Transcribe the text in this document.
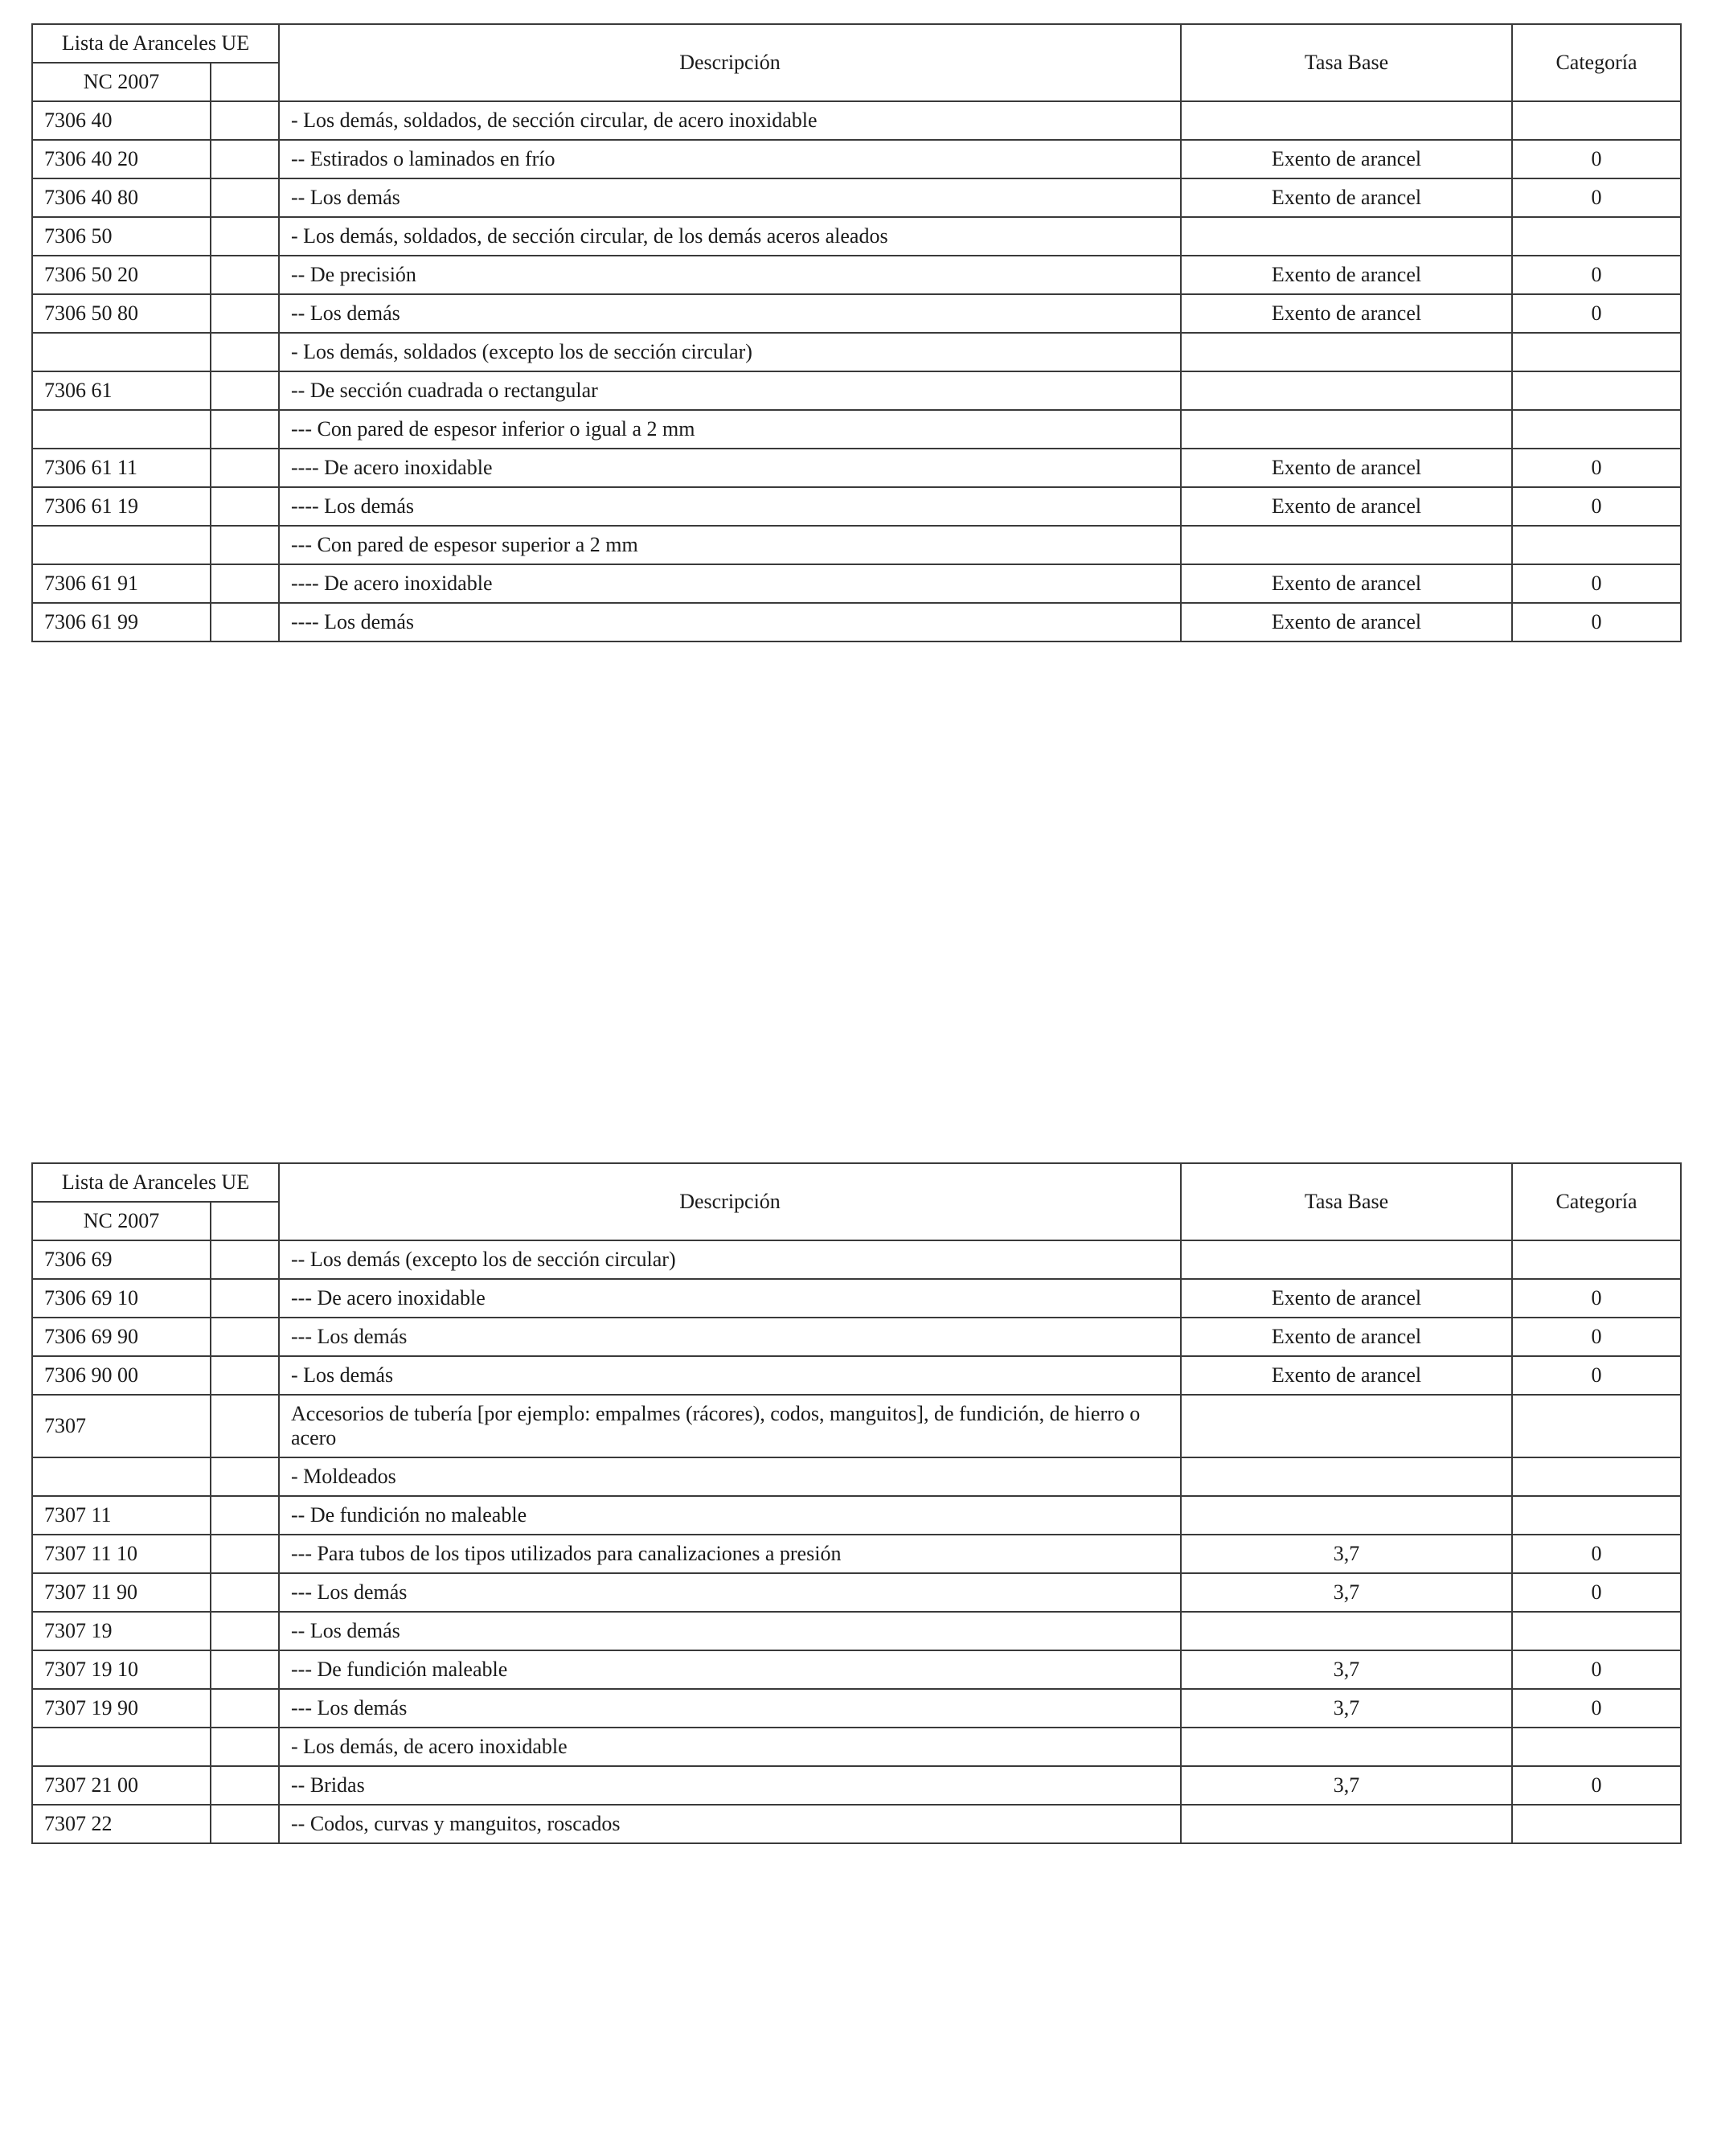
Lista de Aranceles UE		Descripción	Tasa Base	Categoría
NC 2007				
7306 40		- Los demás, soldados, de sección circular, de acero inoxidable		
7306 40 20		-- Estirados o laminados en frío	Exento de arancel	0
7306 40 80		-- Los demás	Exento de arancel	0
7306 50		- Los demás, soldados, de sección circular, de los demás aceros aleados		
7306 50 20		-- De precisión	Exento de arancel	0
7306 50 80		-- Los demás	Exento de arancel	0
		- Los demás, soldados (excepto los de sección circular)		
7306 61		-- De sección cuadrada o rectangular		
		--- Con pared de espesor inferior o igual a 2 mm		
7306 61 11		---- De acero inoxidable	Exento de arancel	0
7306 61 19		---- Los demás	Exento de arancel	0
		--- Con pared de espesor superior a 2 mm		
7306 61 91		---- De acero inoxidable	Exento de arancel	0
7306 61 99		---- Los demás	Exento de arancel	0
Lista de Aranceles UE		Descripción	Tasa Base	Categoría
NC 2007				
7306 69		-- Los demás (excepto los de sección circular)		
7306 69 10		--- De acero inoxidable	Exento de arancel	0
7306 69 90		--- Los demás	Exento de arancel	0
7306 90 00		- Los demás	Exento de arancel	0
7307		Accesorios de tubería [por ejemplo: empalmes (rácores), codos, manguitos], de fundición, de hierro o acero		
		- Moldeados		
7307 11		-- De fundición no maleable		
7307 11 10		--- Para tubos de los tipos utilizados para canalizaciones a presión	3,7	0
7307 11 90		--- Los demás	3,7	0
7307 19		-- Los demás		
7307 19 10		--- De fundición maleable	3,7	0
7307 19 90		--- Los demás	3,7	0
		- Los demás, de acero inoxidable		
7307 21 00		-- Bridas	3,7	0
7307 22		-- Codos, curvas y manguitos, roscados		
